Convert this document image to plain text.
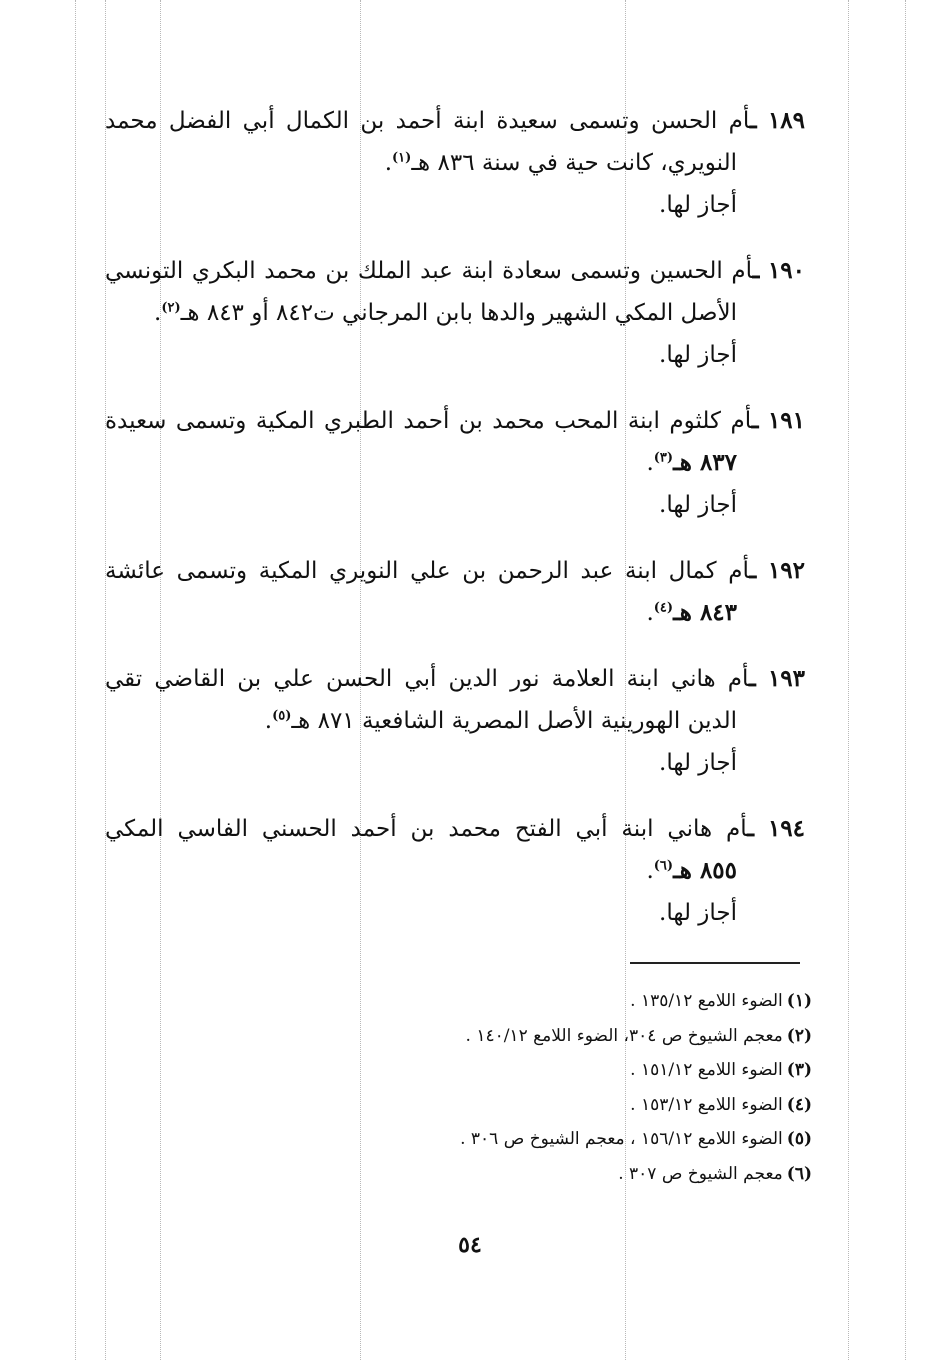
١٨٩ ـأم الحسن وتسمى سعيدة ابنة أحمد بن الكمال أبي الفضل محمد
النويري، كانت حية في سنة ٨٣٦ هـ$^{(١)}$.
أجاز لها.
١٩٠ ـأم الحسين وتسمى سعادة ابنة عبد الملك بن محمد البكري التونسي
الأصل المكي الشهير والدها بابن المرجاني ت٨٤٢ أو ٨٤٣ هـ$^{(٢)}$.
أجاز لها.
١٩١ ـأم كلثوم ابنة المحب محمد بن أحمد الطبري المكية وتسمى سعيدة
٨٣٧ هـ$^{(٣)}$.
أجاز لها.
١٩٢ ـأم كمال ابنة عبد الرحمن بن علي النويري المكية وتسمى عائشة
٨٤٣ هـ$^{(٤)}$.
١٩٣ ـأم هاني ابنة العلامة نور الدين أبي الحسن علي بن القاضي تقي
الدين الهورينية الأصل المصرية الشافعية ٨٧١ هـ$^{(٥)}$.
أجاز لها.
١٩٤ ـأم هاني ابنة أبي الفتح محمد بن أحمد الحسني الفاسي المكي
٨٥٥ هـ$^{(٦)}$.
أجاز لها.
(١)الضوء اللامع ١٣٥/١٢ .
(٢)معجم الشيوخ ص ٣٠٤، الضوء اللامع ١٤٠/١٢ .
(٣)الضوء اللامع ١٥١/١٢ .
(٤)الضوء اللامع ١٥٣/١٢ .
(٥)الضوء اللامع ١٥٦/١٢ ، معجم الشيوخ ص ٣٠٦ .
(٦)معجم الشيوخ ص ٣٠٧ .
٥٤
